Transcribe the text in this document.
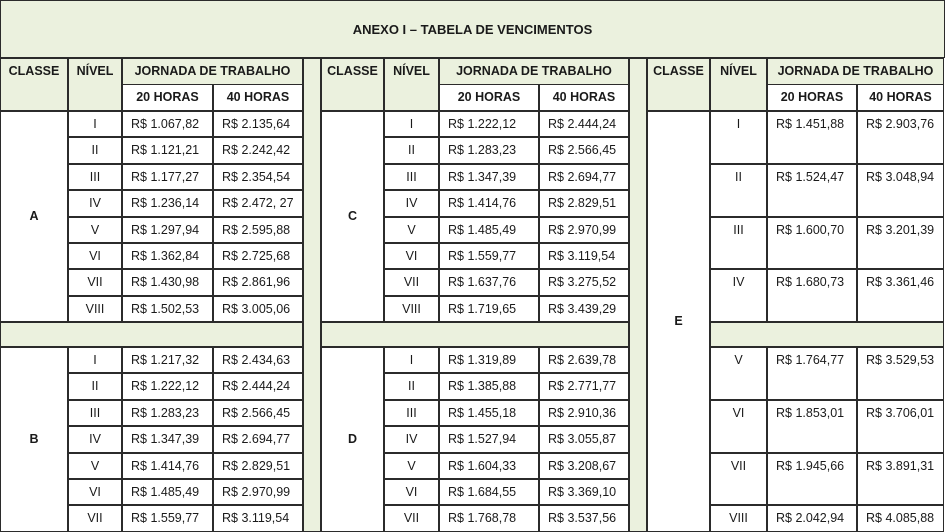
ANEXO I – TABELA DE VENCIMENTOS
CLASSE	NÍVEL	JORNADA DE TRABALHO
20 HORAS	40 HORAS
A
I	R$ 1.067,82	R$ 2.135,64
II	R$ 1.121,21	R$ 2.242,42
III	R$ 1.177,27	R$ 2.354,54
IV	R$ 1.236,14	R$ 2.472, 27
V	R$ 1.297,94	R$ 2.595,88
VI	R$ 1.362,84	R$ 2.725,68
VII	R$ 1.430,98	R$ 2.861,96
VIII	R$ 1.502,53	R$ 3.005,06
B
I	R$ 1.217,32	R$ 2.434,63
II	R$ 1.222,12	R$ 2.444,24
III	R$ 1.283,23	R$ 2.566,45
IV	R$ 1.347,39	R$ 2.694,77
V	R$ 1.414,76	R$ 2.829,51
VI	R$ 1.485,49	R$ 2.970,99
VII	R$ 1.559,77	R$ 3.119,54
CLASSE	NÍVEL	JORNADA DE TRABALHO
20 HORAS	40 HORAS
C
I	R$ 1.222,12	R$ 2.444,24
II	R$ 1.283,23	R$ 2.566,45
III	R$ 1.347,39	R$ 2.694,77
IV	R$ 1.414,76	R$ 2.829,51
V	R$ 1.485,49	R$ 2.970,99
VI	R$ 1.559,77	R$ 3.119,54
VII	R$ 1.637,76	R$ 3.275,52
VIII	R$ 1.719,65	R$ 3.439,29
D
I	R$ 1.319,89	R$ 2.639,78
II	R$ 1.385,88	R$ 2.771,77
III	R$ 1.455,18	R$ 2.910,36
IV	R$ 1.527,94	R$ 3.055,87
V	R$ 1.604,33	R$ 3.208,67
VI	R$ 1.684,55	R$ 3.369,10
VII	R$ 1.768,78	R$ 3.537,56
CLASSE	NÍVEL	JORNADA DE TRABALHO
20 HORAS	40 HORAS
E
I	R$ 1.451,88	R$ 2.903,76
II	R$ 1.524,47	R$ 3.048,94
III	R$ 1.600,70	R$ 3.201,39
IV	R$ 1.680,73	R$ 3.361,46
V	R$ 1.764,77	R$ 3.529,53
VI	R$ 1.853,01	R$ 3.706,01
VII	R$ 1.945,66	R$ 3.891,31
VIII	R$ 2.042,94	R$ 4.085,88
